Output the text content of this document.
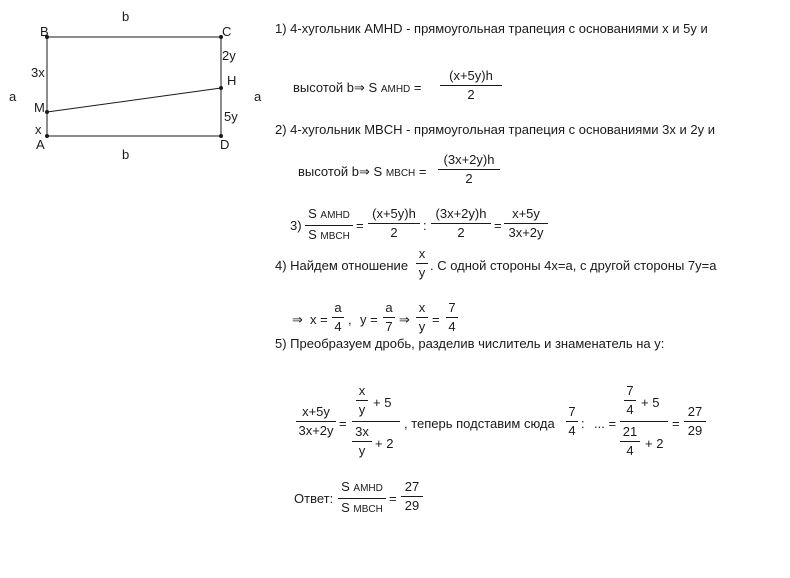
b
B	C
3x
a
M
x
A
b
2y
H
a
5y
D
1) 4-хугольник AMHD - прямоугольная трапеция с основаниями x и 5y и
высотой b⇒ S AMHD =
(x+5y)h
2
2) 4-хугольник MBCH - прямоугольная трапеция с основаниями 3x и 2y и
высотой b⇒ S MBCH =
(3x+2y)h
2
3)
S AMHD
S MBCH
=
(x+5y)h
2	:
(3x+2y)h
2	=
x+5y
3x+2y
4) Найдем отношение
x
y . С одной стороны 4x=a, с другой стороны 7y=a
⇒ x =
a
4 , y =
a
7 ⇒
x
y =
7
4
5) Преобразуем дробь, разделив числитель и знаменатель на y:
x+5y
3x+2y =
x
y + 5
3x
y + 2
, теперь подставим сюда
7
4 : ... =
7
4 + 5
21
4 + 2
=
27
29
Ответ:
S AMHD
S MBCH
=
27
29
